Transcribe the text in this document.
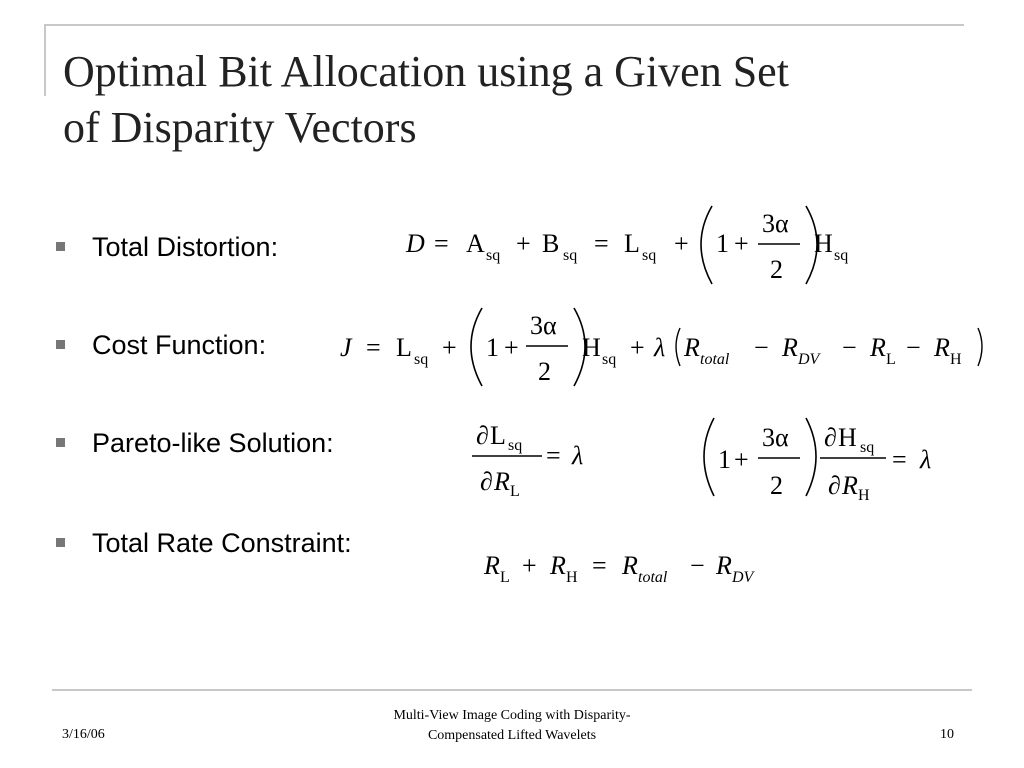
Optimal Bit Allocation using a Given Set
of Disparity Vectors
Total Distortion:
Cost Function:
Pareto-like Solution:
Total Rate Constraint:
D = A sq + B sq = L sq + 1 +
3α
2
H sq
J = L sq + 1 +
3α
2
H sq + λ R total − R DV − R L − R H
∂ L sq
∂ R L
= λ	1 +
3α
2
∂ H sq
∂ R H
= λ
R L + R H = R total − R DV
3/16/06
Multi-View Image Coding with Disparity-
Compensated Lifted Wavelets	10
